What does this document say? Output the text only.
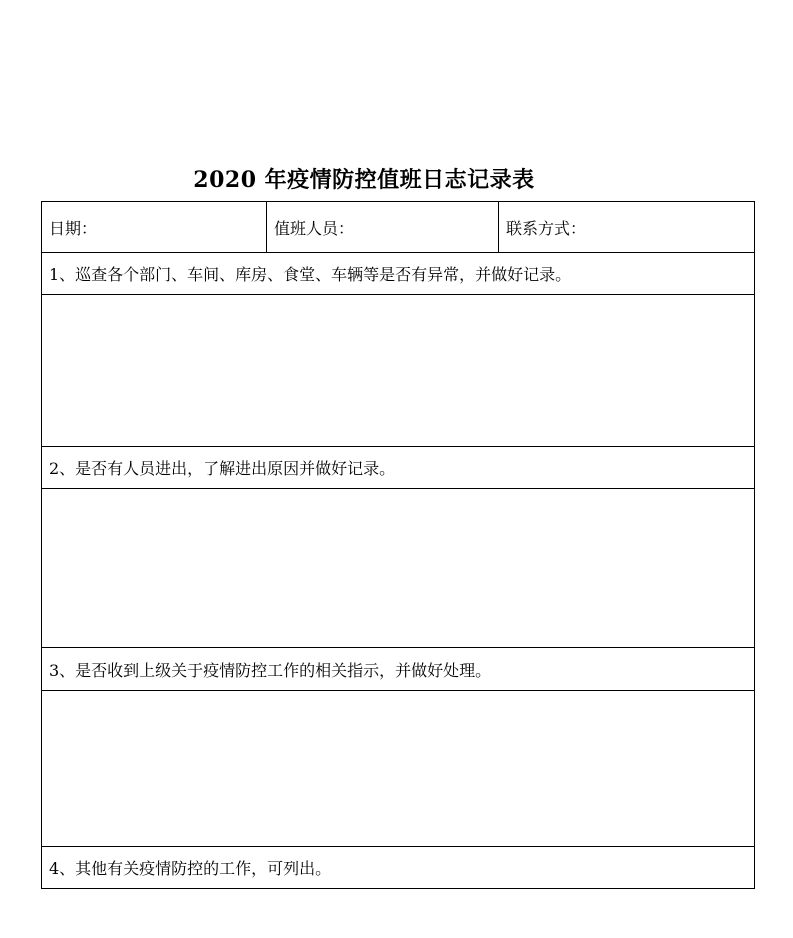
2020 年疫情防控值班日志记录表
日期：	值班人员：	联系方式：
1、巡查各个部门、车间、库房、食堂、车辆等是否有异常，并做好记录。

2、是否有人员进出，了解进出原因并做好记录。

3、是否收到上级关于疫情防控工作的相关指示，并做好处理。

4、其他有关疫情防控的工作，可列出。
